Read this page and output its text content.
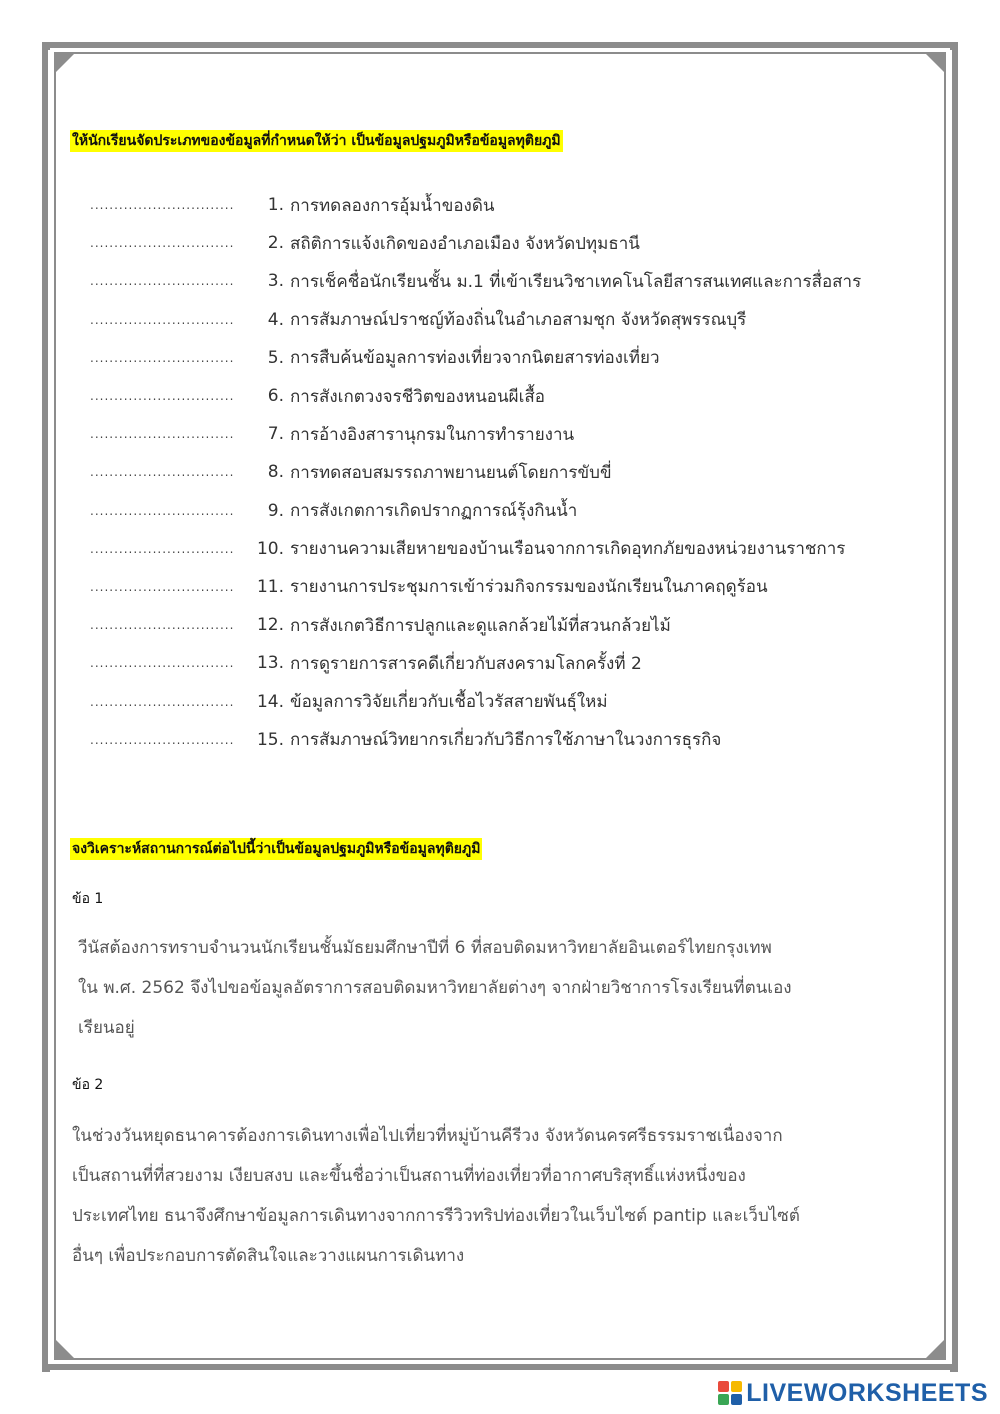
ให้นักเรียนจัดประเภทของข้อมูลที่กำหนดให้ว่า เป็นข้อมูลปฐมภูมิหรือข้อมูลทุติยภูมิ
..............................	1. การทดลองการอุ้มน้ำของดิน
..............................	2. สถิติการแจ้งเกิดของอำเภอเมือง จังหวัดปทุมธานี
..............................	3. การเช็คชื่อนักเรียนชั้น ม.1 ที่เข้าเรียนวิชาเทคโนโลยีสารสนเทศและการสื่อสาร
..............................	4. การสัมภาษณ์ปราชญ์ท้องถิ่นในอำเภอสามชุก จังหวัดสุพรรณบุรี
..............................	5. การสืบค้นข้อมูลการท่องเที่ยวจากนิตยสารท่องเที่ยว
..............................	6. การสังเกตวงจรชีวิตของหนอนผีเสื้อ
..............................	7. การอ้างอิงสารานุกรมในการทำรายงาน
..............................	8. การทดสอบสมรรถภาพยานยนต์โดยการขับขี่
..............................	9. การสังเกตการเกิดปรากฏการณ์รุ้งกินน้ำ
..............................	10. รายงานความเสียหายของบ้านเรือนจากการเกิดอุทกภัยของหน่วยงานราชการ
..............................	11. รายงานการประชุมการเข้าร่วมกิจกรรมของนักเรียนในภาคฤดูร้อน
..............................	12. การสังเกตวิธีการปลูกและดูแลกล้วยไม้ที่สวนกล้วยไม้
..............................	13. การดูรายการสารคดีเกี่ยวกับสงครามโลกครั้งที่ 2
..............................	14. ข้อมูลการวิจัยเกี่ยวกับเชื้อไวรัสสายพันธุ์ใหม่
..............................	15. การสัมภาษณ์วิทยากรเกี่ยวกับวิธีการใช้ภาษาในวงการธุรกิจ
จงวิเคราะห์สถานการณ์ต่อไปนี้ว่าเป็นข้อมูลปฐมภูมิหรือข้อมูลทุติยภูมิ
ข้อ 1

วีนัสต้องการทราบจำนวนนักเรียนชั้นมัธยมศึกษาปีที่ 6 ที่สอบติดมหาวิทยาลัยอินเตอร์ไทยกรุงเทพ

ใน พ.ศ. 2562 จึงไปขอข้อมูลอัตราการสอบติดมหาวิทยาลัยต่างๆ จากฝ่ายวิชาการโรงเรียนที่ตนเอง

เรียนอยู่

ข้อ 2

ในช่วงวันหยุดธนาคารต้องการเดินทางเพื่อไปเที่ยวที่หมู่บ้านคีรีวง จังหวัดนครศรีธรรมราชเนื่องจาก

เป็นสถานที่ที่สวยงาม เงียบสงบ และขึ้นชื่อว่าเป็นสถานที่ท่องเที่ยวที่อากาศบริสุทธิ์แห่งหนึ่งของ

ประเทศไทย ธนาจึงศึกษาข้อมูลการเดินทางจากการรีวิวทริปท่องเที่ยวในเว็บไซต์ pantip และเว็บไซต์

อื่นๆ เพื่อประกอบการตัดสินใจและวางแผนการเดินทาง

LIVEWORKSHEETS
